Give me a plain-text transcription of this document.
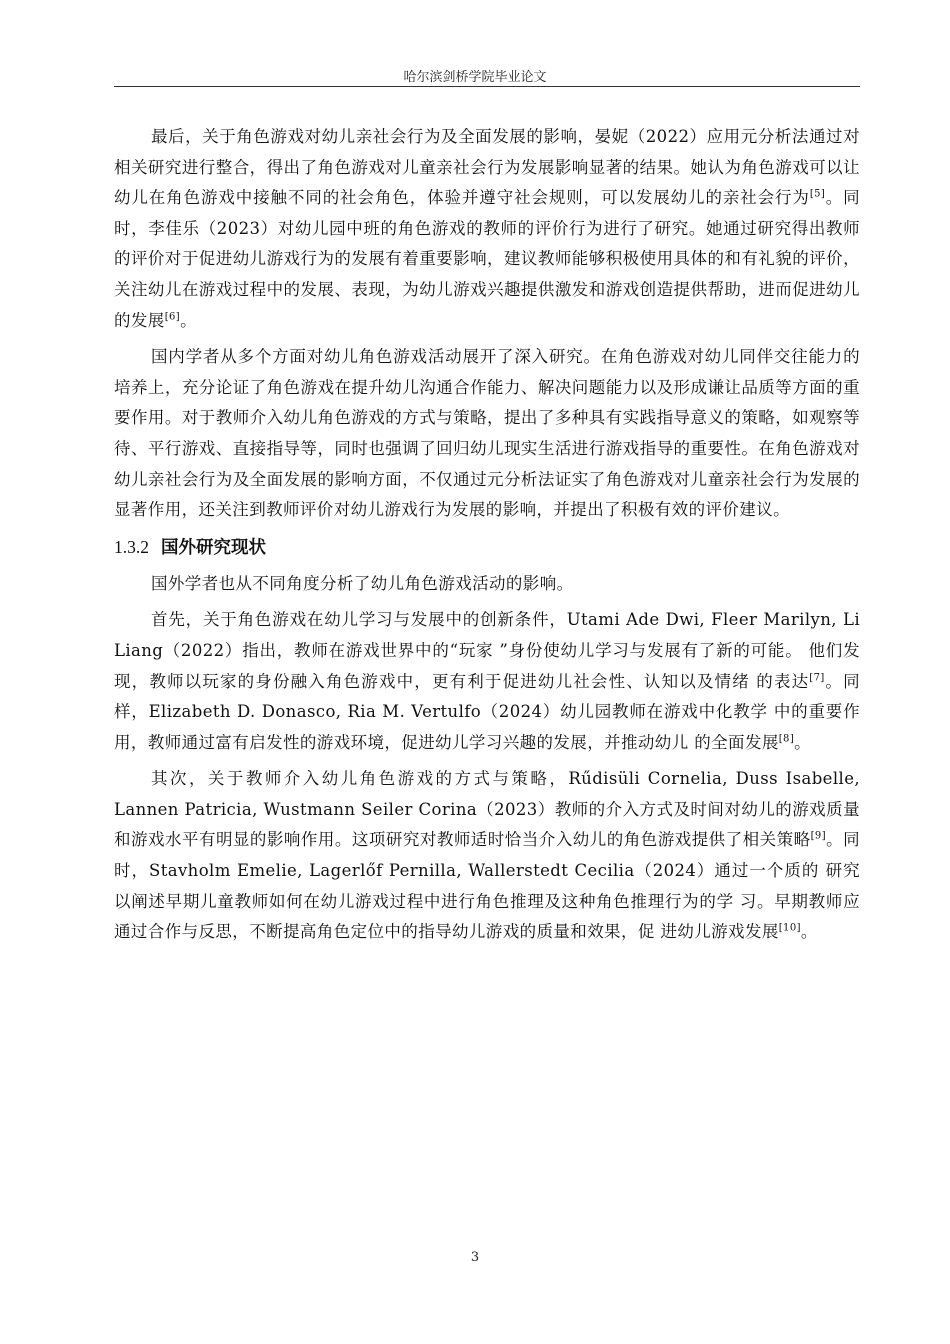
哈尔滨剑桥学院毕业论文

最后，关于角色游戏对幼儿亲社会行为及全面发展的影响，晏妮（2022）应用元分析法通过对相关研究进行整合，得出了角色游戏对儿童亲社会行为发展影响显著的结果。她认为角色游戏可以让幼儿在角色游戏中接触不同的社会角色，体验并遵守社会规则，可以发展幼儿的亲社会行为[5]。同时，李佳乐（2023）对幼儿园中班的角色游戏的教师的评价行为进行了研究。她通过研究得出教师的评价对于促进幼儿游戏行为的发展有着重要影响，建议教师能够积极使用具体的和有礼貌的评价，关注幼儿在游戏过程中的发展、表现，为幼儿游戏兴趣提供激发和游戏创造提供帮助，进而促进幼儿的发展[6]。

国内学者从多个方面对幼儿角色游戏活动展开了深入研究。在角色游戏对幼儿同伴交往能力的培养上，充分论证了角色游戏在提升幼儿沟通合作能力、解决问题能力以及形成谦让品质等方面的重要作用。对于教师介入幼儿角色游戏的方式与策略，提出了多种具有实践指导意义的策略，如观察等待、平行游戏、直接指导等，同时也强调了回归幼儿现实生活进行游戏指导的重要性。在角色游戏对幼儿亲社会行为及全面发展的影响方面，不仅通过元分析法证实了角色游戏对儿童亲社会行为发展的显著作用，还关注到教师评价对幼儿游戏行为发展的影响，并提出了积极有效的评价建议。

1.3.2 国外研究现状

国外学者也从不同角度分析了幼儿角色游戏活动的影响。

首先，关于角色游戏在幼儿学习与发展中的创新条件，Utami Ade Dwi, Fleer Marilyn, Li Liang（2022）指出，教师在游戏世界中的“玩家 ”身份使幼儿学习与发展有了新的可能。 他们发现，教师以玩家的身份融入角色游戏中，更有利于促进幼儿社会性、认知以及情绪 的表达[7]。同样，Elizabeth D. Donasco, Ria M. Vertulfo（2024）幼儿园教师在游戏中化教学 中的重要作用，教师通过富有启发性的游戏环境，促进幼儿学习兴趣的发展，并推动幼儿 的全面发展[8]。

其次，关于教师介入幼儿角色游戏的方式与策略，Rűdisüli Cornelia, Duss Isabelle, Lannen Patricia, Wustmann Seiler Corina（2023）教师的介入方式及时间对幼儿的游戏质量和游戏水平有明显的影响作用。这项研究对教师适时恰当介入幼儿的角色游戏提供了相关策略[9]。同时，Stavholm Emelie, Lagerlőf Pernilla, Wallerstedt Cecilia（2024）通过一个质的 研究以阐述早期儿童教师如何在幼儿游戏过程中进行角色推理及这种角色推理行为的学 习。早期教师应通过合作与反思，不断提高角色定位中的指导幼儿游戏的质量和效果，促 进幼儿游戏发展[10]。

3
